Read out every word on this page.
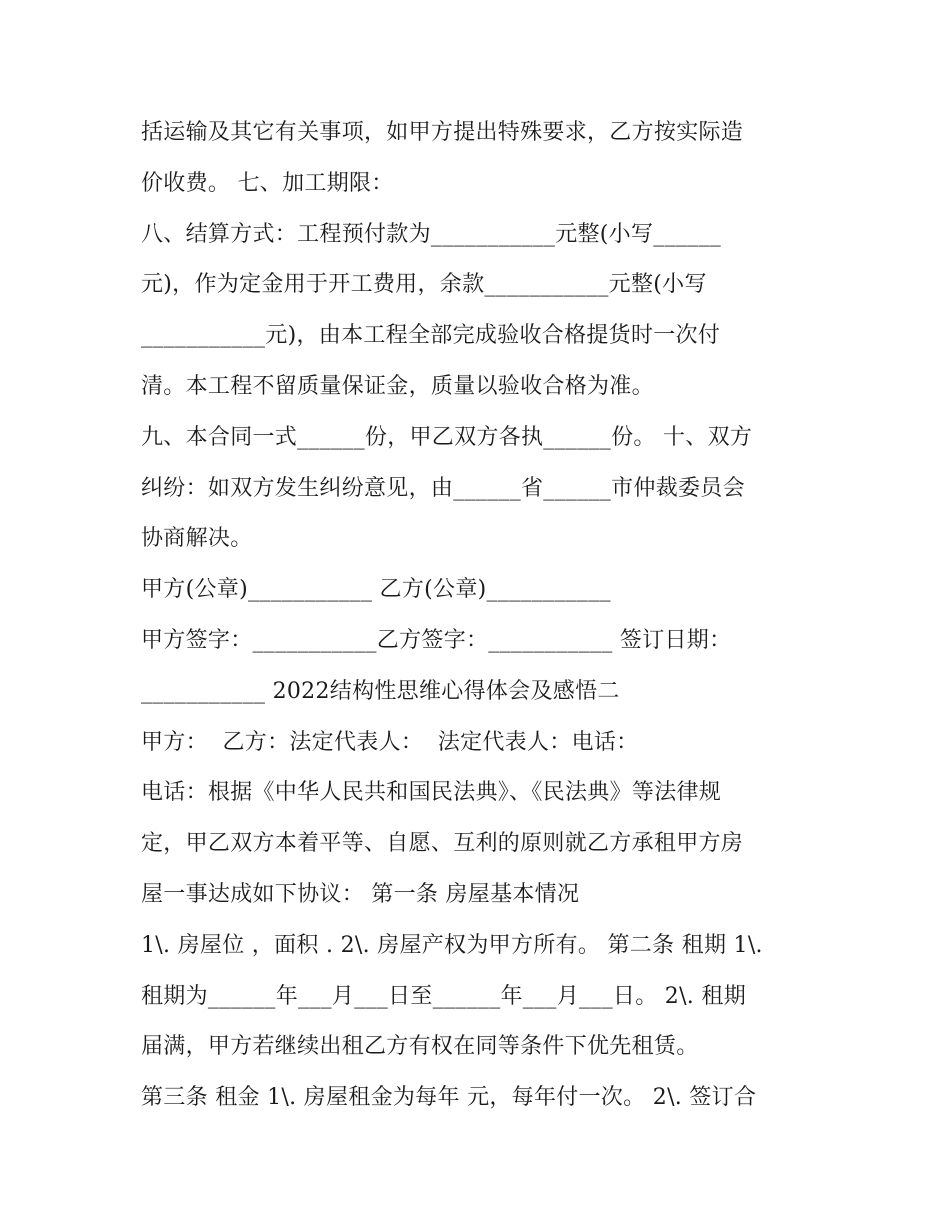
括运输及其它有关事项，如甲方提出特殊要求，乙方按实际造
价收费。 七、加工期限：
八、结算方式：工程预付款为___________元整(小写______
元)，作为定金用于开工费用，余款___________元整(小写
___________元)，由本工程全部完成验收合格提货时一次付
清。本工程不留质量保证金，质量以验收合格为准。
九、本合同一式______份，甲乙双方各执______份。 十、双方
纠纷：如双方发生纠纷意见，由______省______市仲裁委员会
协商解决。
甲方(公章)___________ 乙方(公章)___________
甲方签字：___________乙方签字：___________ 签订日期：
___________ 2022结构性思维心得体会及感悟二
甲方：  乙方：法定代表人：  法定代表人：电话：
电话：根据《中华人民共和国民法典》、《民法典》等法律规
定，甲乙双方本着平等、自愿、互利的原则就乙方承租甲方房
屋一事达成如下协议： 第一条 房屋基本情况
1\. 房屋位 ，面积 . 2\. 房屋产权为甲方所有。 第二条 租期 1\.
租期为______年___月___日至______年___月___日。 2\. 租期
届满，甲方若继续出租乙方有权在同等条件下优先租赁。
第三条 租金 1\. 房屋租金为每年 元，每年付一次。 2\. 签订合
